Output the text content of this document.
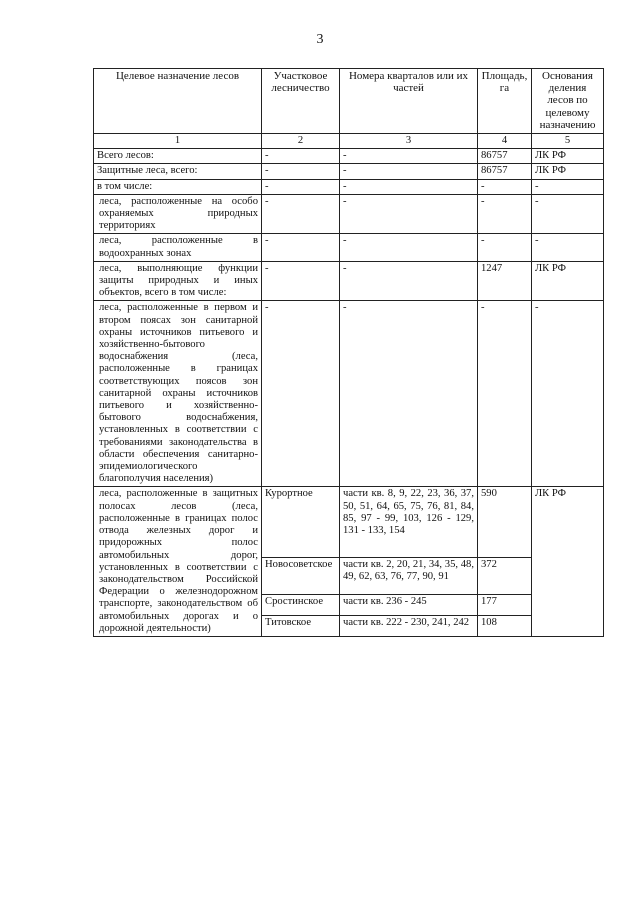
3
Целевое назначение лесов	Участковое лесничество	Номера кварталов или их частей	Площадь, га	Основания деления лесов по целевому назначению
1	2	3	4	5
Всего лесов:	-	-	86757	ЛК РФ
Защитные леса, всего:	-	-	86757	ЛК РФ
в том числе:	-	-	-	-
леса, расположенные на особо охраняемых природных территориях	-	-	-	-
леса, расположенные в водоохранных зонах	-	-	-	-
леса, выполняющие функции защиты природных и иных объектов, всего в том числе:	-	-	1247	ЛК РФ
леса, расположенные в первом и втором поясах зон санитарной охраны источников питьевого и хозяйственно-бытового водоснабжения (леса, расположенные в границах соответствующих поясов зон санитарной охраны источников питьевого и хозяйственно-бытового водоснабжения, установленных в соответствии с требованиями законодательства в области обеспечения санитарно-эпидемиологического благополучия населения)	-	-	-	-
леса, расположенные в защитных полосах лесов (леса, расположенные в границах полос отвода железных дорог и придорожных полос автомобильных дорог, установленных в соответствии с законодательством Российской Федерации о железнодорожном транспорте, законодательством об автомобильных дорогах и о дорожной деятельности)	Курортное	части кв. 8, 9, 22, 23, 36, 37, 50, 51, 64, 65, 75, 76, 81, 84, 85, 97 - 99, 103, 126 - 129, 131 - 133, 154	590	ЛК РФ
	Новосоветское	части кв. 2, 20, 21, 34, 35, 48, 49, 62, 63, 76, 77, 90, 91	372	
	Сростинское	части кв. 236 - 245	177	
	Титовское	части кв. 222 - 230, 241, 242	108	
